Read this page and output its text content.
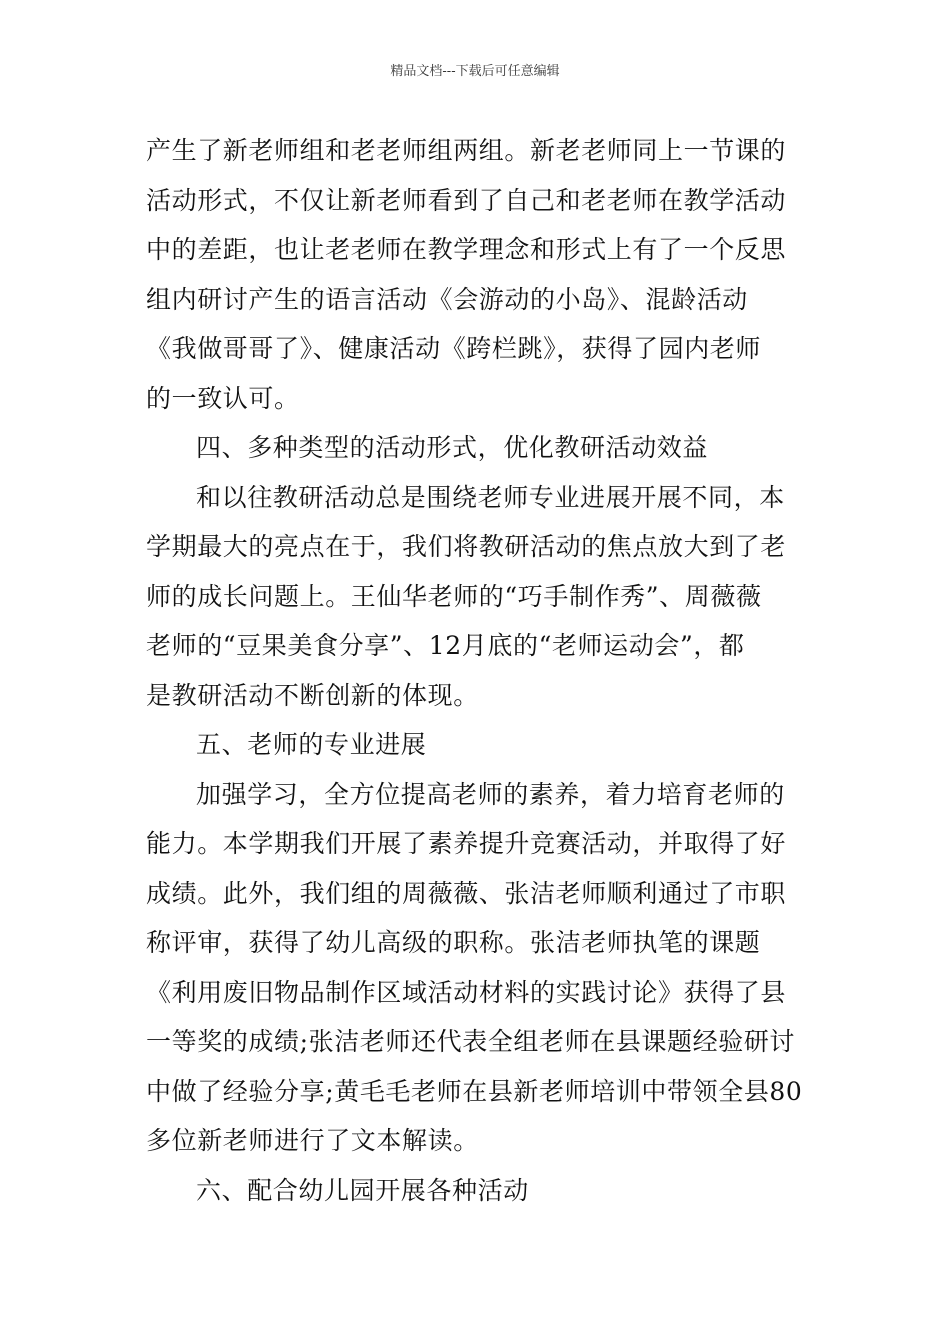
精品文档---下载后可任意编辑
产生了新老师组和老老师组两组。新老老师同上一节课的
活动形式，不仅让新老师看到了自己和老老师在教学活动
中的差距，也让老老师在教学理念和形式上有了一个反思
组内研讨产生的语言活动《会游动的小岛》、混龄活动
《我做哥哥了》、健康活动《跨栏跳》，获得了园内老师
的一致认可。
四、多种类型的活动形式，优化教研活动效益
和以往教研活动总是围绕老师专业进展开展不同，本
学期最大的亮点在于，我们将教研活动的焦点放大到了老
师的成长问题上。王仙华老师的“巧手制作秀”、周薇薇
老师的“豆果美食分享”、12月底的“老师运动会”，都
是教研活动不断创新的体现。
五、老师的专业进展
加强学习，全方位提高老师的素养，着力培育老师的
能力。本学期我们开展了素养提升竞赛活动，并取得了好
成绩。此外，我们组的周薇薇、张洁老师顺利通过了市职
称评审，获得了幼儿高级的职称。张洁老师执笔的课题
《利用废旧物品制作区域活动材料的实践讨论》获得了县
一等奖的成绩;张洁老师还代表全组老师在县课题经验研讨
中做了经验分享;黄毛毛老师在县新老师培训中带领全县80
多位新老师进行了文本解读。
六、配合幼儿园开展各种活动
